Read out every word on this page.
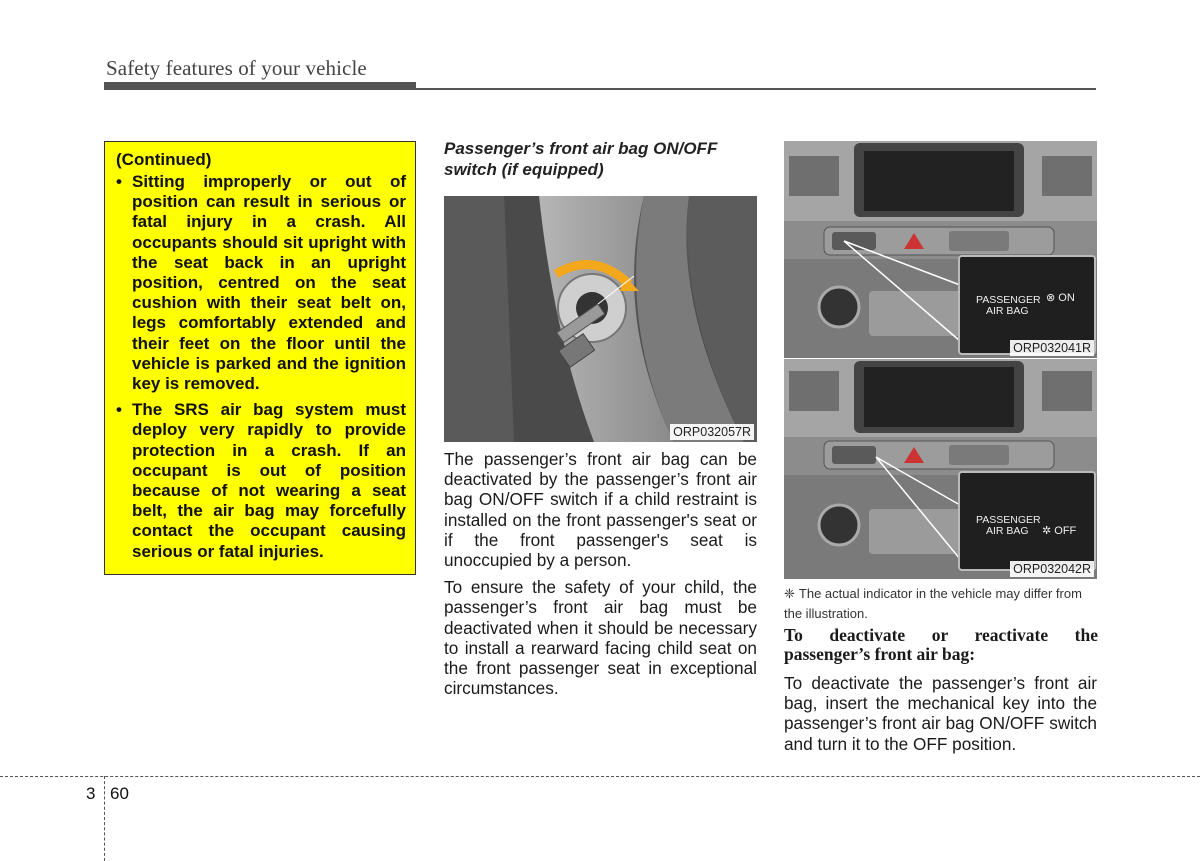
Safety features of your vehicle
(Continued)
• Sitting improperly or out of position can result in serious or fatal injury in a crash. All occupants should sit upright with the seat back in an upright position, centred on the seat cushion with their seat belt on, legs comfortably extended and their feet on the floor until the vehicle is parked and the ignition key is removed.
• The SRS air bag system must deploy very rapidly to provide protection in a crash. If an occupant is out of position because of not wearing a seat belt, the air bag may forcefully contact the occupant causing serious or fatal injuries.
Passenger’s front air bag ON/OFF switch (if equipped)
ORP032057R

The passenger’s front air bag can be deactivated by the passenger’s front air bag ON/OFF switch if a child restraint is installed on the front passenger's seat or if the front passenger's seat is unoccupied by a person.

To ensure the safety of your child, the passenger’s front air bag must be deactivated when it should be necessary to install a rearward facing child seat on the front passenger seat in exceptional circumstances.

PASSENGER
AIR BAG
⊗ ON
ORP032041R
PASSENGER
AIR BAG ✲ OFF
ORP032042R
❈ The actual indicator in the vehicle may differ from the illustration.
To deactivate or reactivate the passenger’s front air bag:
To deactivate the passenger’s front air bag, insert the mechanical key into the passenger’s front air bag ON/OFF switch and turn it to the OFF position.
3 60
